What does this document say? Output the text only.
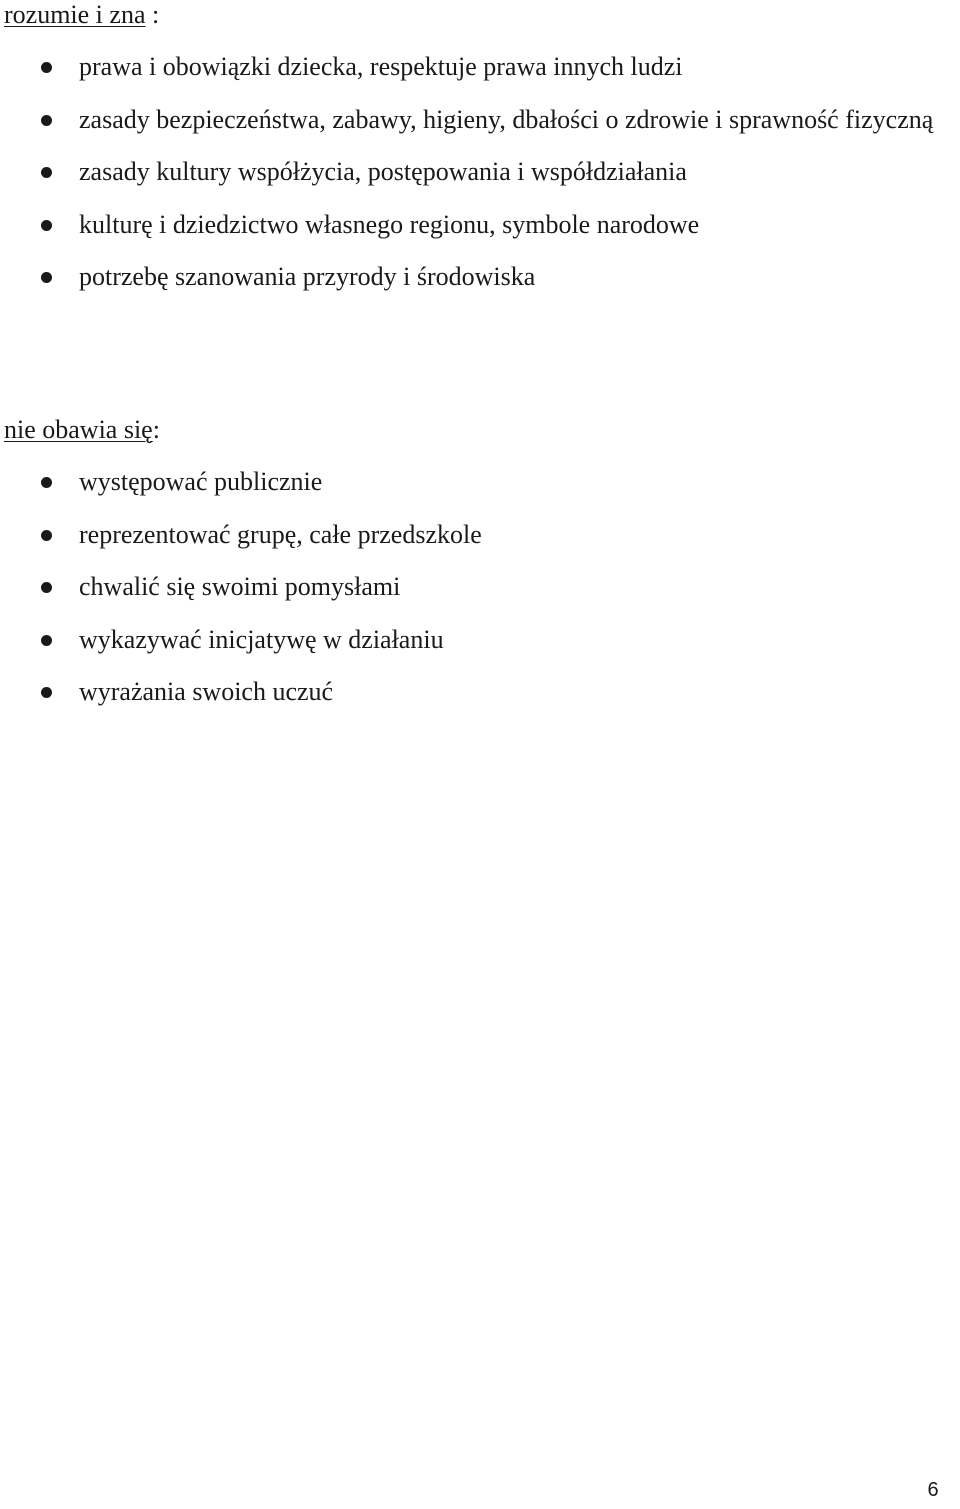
rozumie i zna :
prawa i obowiązki dziecka, respektuje prawa innych ludzi
zasady bezpieczeństwa, zabawy, higieny, dbałości o zdrowie i sprawność fizyczną
zasady kultury współżycia, postępowania i współdziałania
kulturę i dziedzictwo własnego regionu, symbole narodowe
potrzebę szanowania przyrody i środowiska
nie obawia się:
występować publicznie
reprezentować grupę, całe przedszkole
chwalić się swoimi pomysłami
wykazywać inicjatywę w działaniu
wyrażania swoich uczuć
6
